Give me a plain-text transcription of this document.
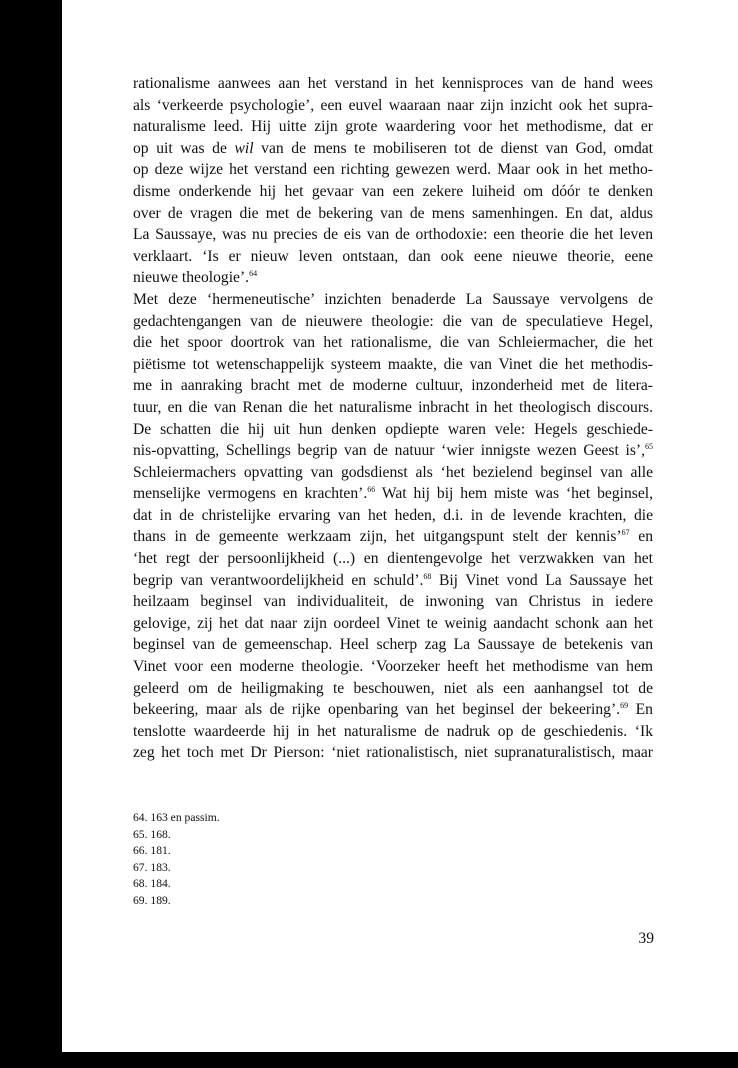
rationalisme aanwees aan het verstand in het kennisproces van de hand wees
als ‘verkeerde psychologie’, een euvel waaraan naar zijn inzicht ook het supra-
naturalisme leed. Hij uitte zijn grote waardering voor het methodisme, dat er
op uit was de wil van de mens te mobiliseren tot de dienst van God, omdat
op deze wijze het verstand een richting gewezen werd. Maar ook in het metho-
disme onderkende hij het gevaar van een zekere luiheid om dóór te denken
over de vragen die met de bekering van de mens samenhingen. En dat, aldus
La Saussaye, was nu precies de eis van de orthodoxie: een theorie die het leven
verklaart. ‘Is er nieuw leven ontstaan, dan ook eene nieuwe theorie, eene
nieuwe theologie’.$^{64}$
Met deze ‘hermeneutische’ inzichten benaderde La Saussaye vervolgens de
gedachtengangen van de nieuwere theologie: die van de speculatieve Hegel,
die het spoor doortrok van het rationalisme, die van Schleiermacher, die het
piëtisme tot wetenschappelijk systeem maakte, die van Vinet die het methodis-
me in aanraking bracht met de moderne cultuur, inzonderheid met de litera-
tuur, en die van Renan die het naturalisme inbracht in het theologisch discours.
De schatten die hij uit hun denken opdiepte waren vele: Hegels geschiede-
nis-opvatting, Schellings begrip van de natuur ‘wier innigste wezen Geest is’,$^{65}$
Schleiermachers opvatting van godsdienst als ‘het bezielend beginsel van alle
menselijke vermogens en krachten’.$^{66}$ Wat hij bij hem miste was ‘het beginsel,
dat in de christelijke ervaring van het heden, d.i. in de levende krachten, die
thans in de gemeente werkzaam zijn, het uitgangspunt stelt der kennis’$^{67}$ en
‘het regt der persoonlijkheid (...) en dientengevolge het verzwakken van het
begrip van verantwoordelijkheid en schuld’.$^{68}$ Bij Vinet vond La Saussaye het
heilzaam beginsel van individualiteit, de inwoning van Christus in iedere
gelovige, zij het dat naar zijn oordeel Vinet te weinig aandacht schonk aan het
beginsel van de gemeenschap. Heel scherp zag La Saussaye de betekenis van
Vinet voor een moderne theologie. ‘Voorzeker heeft het methodisme van hem
geleerd om de heiligmaking te beschouwen, niet als een aanhangsel tot de
bekeering, maar als de rijke openbaring van het beginsel der bekeering’.$^{69}$ En
tenslotte waardeerde hij in het naturalisme de nadruk op de geschiedenis. ‘Ik
zeg het toch met Dr Pierson: ‘niet rationalistisch, niet supranaturalistisch, maar
64. 163 en passim.
65. 168.
66. 181.
67. 183.
68. 184.
69. 189.
39
